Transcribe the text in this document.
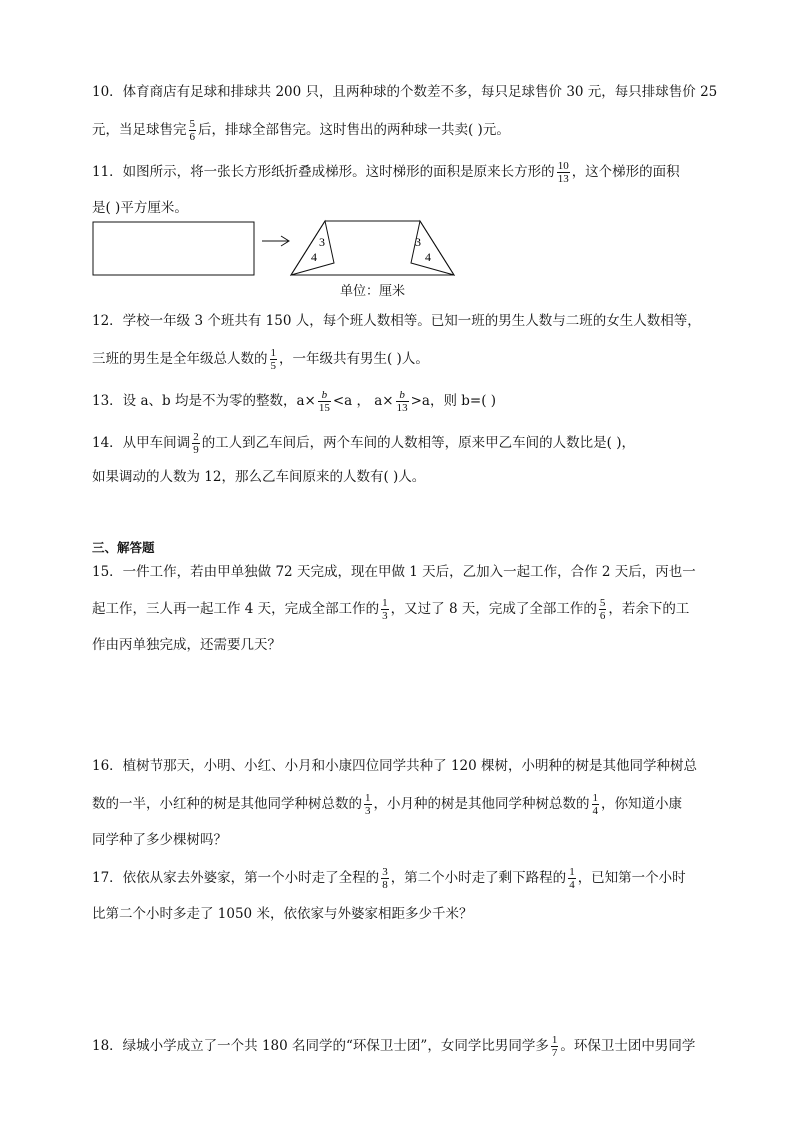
10．体育商店有足球和排球共 200 只，且两种球的个数差不多，每只足球售价 30 元，每只排球售价 25
元，当足球售完 $\frac{5}{6}$ 后，排球全部售完。这时售出的两种球一共卖( )元。
11．如图所示，将一张长方形纸折叠成梯形。这时梯形的面积是原来长方形的 $\frac{10}{13}$ ，这个梯形的面积
是( )平方厘米。
3
4
3
4
单位：厘米
12．学校一年级 3 个班共有 150 人，每个班人数相等。已知一班的男生人数与二班的女生人数相等，
三班的男生是全年级总人数的 $\frac{1}{5}$ ，一年级共有男生( )人。
13．设 a、b 均是不为零的整数，$a\times \frac{b}{15} <a$ ， $a\times \frac{b}{13} >a$，则 b=( )
14．从甲车间调 $\frac{2}{9}$ 的工人到乙车间后，两个车间的人数相等，原来甲乙车间的人数比是( )，
如果调动的人数为 12，那么乙车间原来的人数有( )人。
三、解答题
15．一件工作，若由甲单独做 72 天完成，现在甲做 1 天后，乙加入一起工作，合作 2 天后，丙也一
起工作，三人再一起工作 4 天，完成全部工作的 $\frac{1}{3}$ ，又过了 8 天，完成了全部工作的 $\frac{5}{6}$ ，若余下的工
作由丙单独完成，还需要几天？
16．植树节那天，小明、小红、小月和小康四位同学共种了 120 棵树，小明种的树是其他同学种树总
数的一半，小红种的树是其他同学种树总数的 $\frac{1}{3}$ ，小月种的树是其他同学种树总数的 $\frac{1}{4}$ ，你知道小康
同学种了多少棵树吗？
17．依依从家去外婆家，第一个小时走了全程的 $\frac{3}{8}$ ，第二个小时走了剩下路程的 $\frac{1}{4}$ ，已知第一个小时
比第二个小时多走了 1050 米，依依家与外婆家相距多少千米？
18．绿城小学成立了一个共 180 名同学的“环保卫士团”，女同学比男同学多 $\frac{1}{7}$ 。环保卫士团中男同学
